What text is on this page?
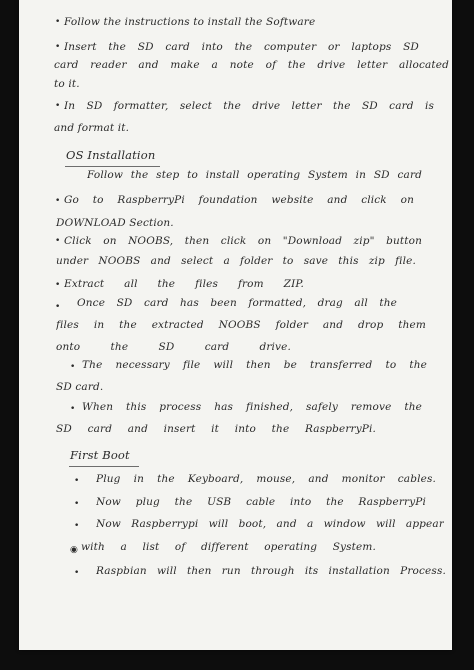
• Follow the instructions to install the Software

• Insert the SD card into the computer or laptops SD

card reader and make a note of the drive letter allocated

to it.

• In SD formatter, select the drive letter the SD card is

and format it.

OS Installation

Follow the step to install operating System in SD card

• Go to RaspberryPi foundation website and click on

DOWNLOAD Section.

• Click on NOOBS, then click on "Download zip" button

under NOOBS and select a folder to save this zip file.

• Extract all the files from ZIP.

• Once SD card has been formatted, drag all the

files in the extracted NOOBS folder and drop them

onto the SD card drive.

• The necessary file will then be transferred to the

SD card.

• When this process has finished, safely remove the

SD card and insert it into the RaspberryPi.

First Boot

• Plug in the Keyboard, mouse, and monitor cables.

• Now plug the USB cable into the RaspberryPi

• Now Raspberrypi will boot, and a window will appear

◉ with a list of different operating System.

• Raspbian will then run through its installation Process.
